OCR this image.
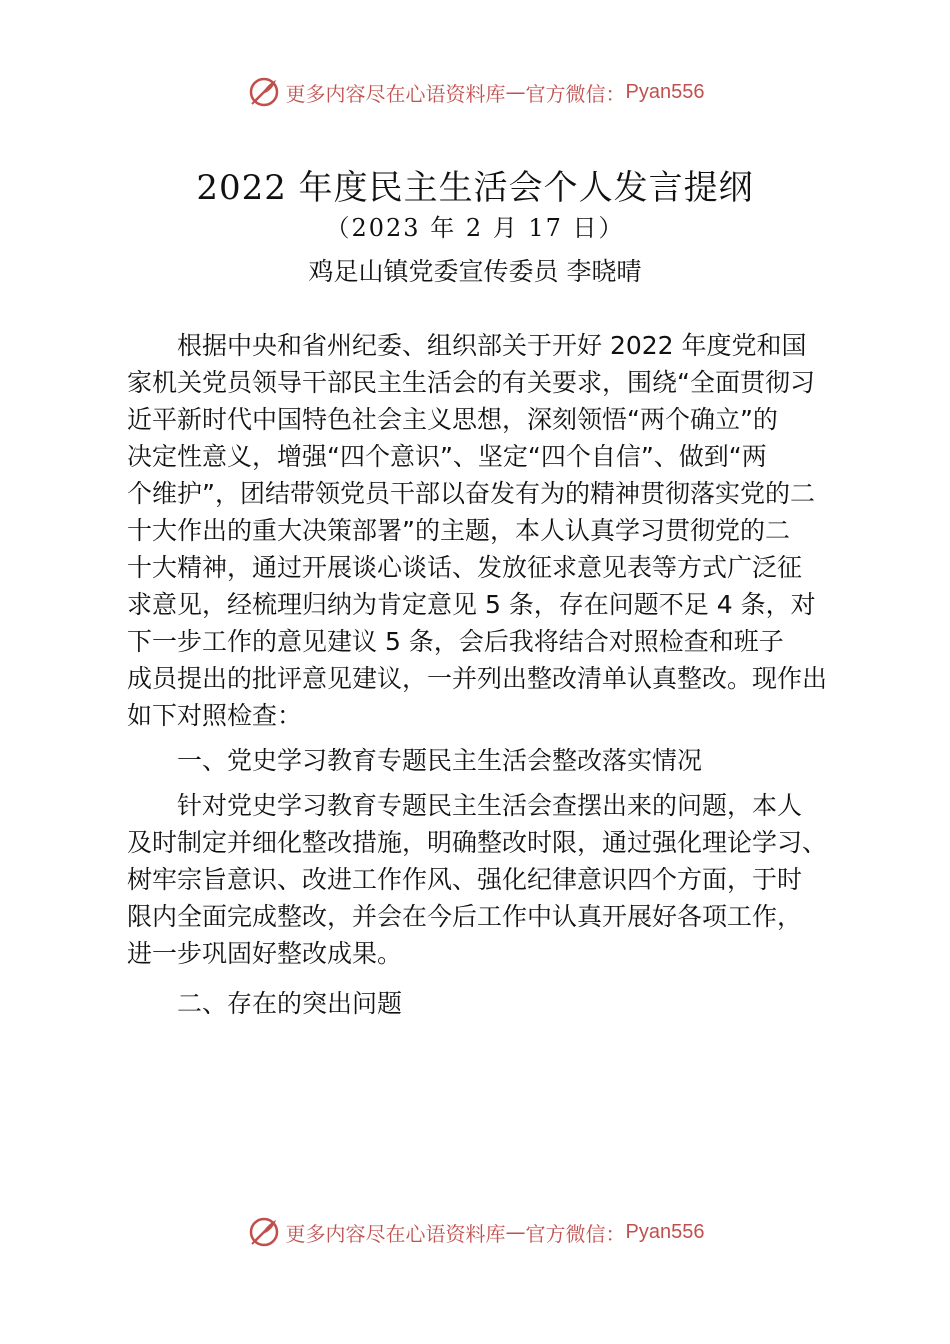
更多内容尽在心语资料库 — 官方微信： Pyan556
2022 年度民主生活会个人发言提纲
（2023 年 2 月 17 日）
鸡足山镇党委宣传委员 李晓晴
根据中央和省州纪委、组织部关于开好 2022 年度党和国
家机关党员领导干部民主生活会的有关要求，围绕“全面贯彻习
近平新时代中国特色社会主义思想，深刻领悟“两个确立”的
决定性意义，增强“四个意识”、坚定“四个自信”、做到“两
个维护”，团结带领党员干部以奋发有为的精神贯彻落实党的二
十大作出的重大决策部署”的主题，本人认真学习贯彻党的二
十大精神，通过开展谈心谈话、发放征求意见表等方式广泛征
求意见，经梳理归纳为肯定意见 5 条，存在问题不足 4 条，对
下一步工作的意见建议 5 条，会后我将结合对照检查和班子
成员提出的批评意见建议，一并列出整改清单认真整改。现作出
如下对照检查：
一、党史学习教育专题民主生活会整改落实情况
针对党史学习教育专题民主生活会查摆出来的问题，本人
及时制定并细化整改措施，明确整改时限，通过强化理论学习、
树牢宗旨意识、改进工作作风、强化纪律意识四个方面，于时
限内全面完成整改，并会在今后工作中认真开展好各项工作，
进一步巩固好整改成果。
二、存在的突出问题
更多内容尽在心语资料库 — 官方微信： Pyan556
